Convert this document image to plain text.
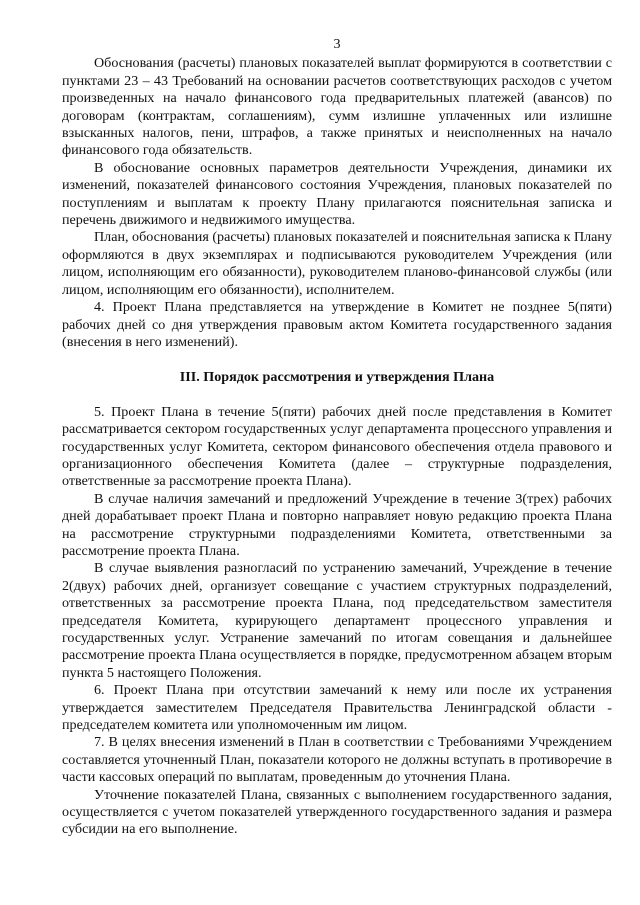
3

Обоснования (расчеты) плановых показателей выплат формируются в соответствии с пунктами 23 – 43 Требований на основании расчетов соответствующих расходов с учетом произведенных на начало финансового года предварительных платежей (авансов) по договорам (контрактам, соглашениям), сумм излишне уплаченных или излишне взысканных налогов, пени, штрафов, а также принятых и неисполненных на начало финансового года обязательств.

В обоснование основных параметров деятельности Учреждения, динамики их изменений, показателей финансового состояния Учреждения, плановых показателей по поступлениям и выплатам к проекту Плану прилагаются пояснительная записка и перечень движимого и недвижимого имущества.

План, обоснования (расчеты) плановых показателей и пояснительная записка к Плану оформляются в двух экземплярах и подписываются руководителем Учреждения (или лицом, исполняющим его обязанности), руководителем планово-финансовой службы (или лицом, исполняющим его обязанности), исполнителем.

4. Проект Плана представляется на утверждение в Комитет не позднее 5(пяти) рабочих дней со дня утверждения правовым актом Комитета государственного задания (внесения в него изменений).

III. Порядок рассмотрения и утверждения Плана

5. Проект Плана в течение 5(пяти) рабочих дней после представления в Комитет рассматривается сектором государственных услуг департамента процессного управления и государственных услуг Комитета, сектором финансового обеспечения отдела правового и организационного обеспечения Комитета (далее – структурные подразделения, ответственные за рассмотрение проекта Плана).

В случае наличия замечаний и предложений Учреждение в течение 3(трех) рабочих дней дорабатывает проект Плана и повторно направляет новую редакцию проекта Плана на рассмотрение структурными подразделениями Комитета, ответственными за рассмотрение проекта Плана.

В случае выявления разногласий по устранению замечаний, Учреждение в течение 2(двух) рабочих дней, организует совещание с участием структурных подразделений, ответственных за рассмотрение проекта Плана, под председательством заместителя председателя Комитета, курирующего департамент процессного управления и государственных услуг. Устранение замечаний по итогам совещания и дальнейшее рассмотрение проекта Плана осуществляется в порядке, предусмотренном абзацем вторым пункта 5 настоящего Положения.

6. Проект Плана при отсутствии замечаний к нему или после их устранения утверждается заместителем Председателя Правительства Ленинградской области - председателем комитета или уполномоченным им лицом.

7. В целях внесения изменений в План в соответствии с Требованиями Учреждением составляется уточненный План, показатели которого не должны вступать в противоречие в части кассовых операций по выплатам, проведенным до уточнения Плана.

Уточнение показателей Плана, связанных с выполнением государственного задания, осуществляется с учетом показателей утвержденного государственного задания и размера субсидии на его выполнение.
